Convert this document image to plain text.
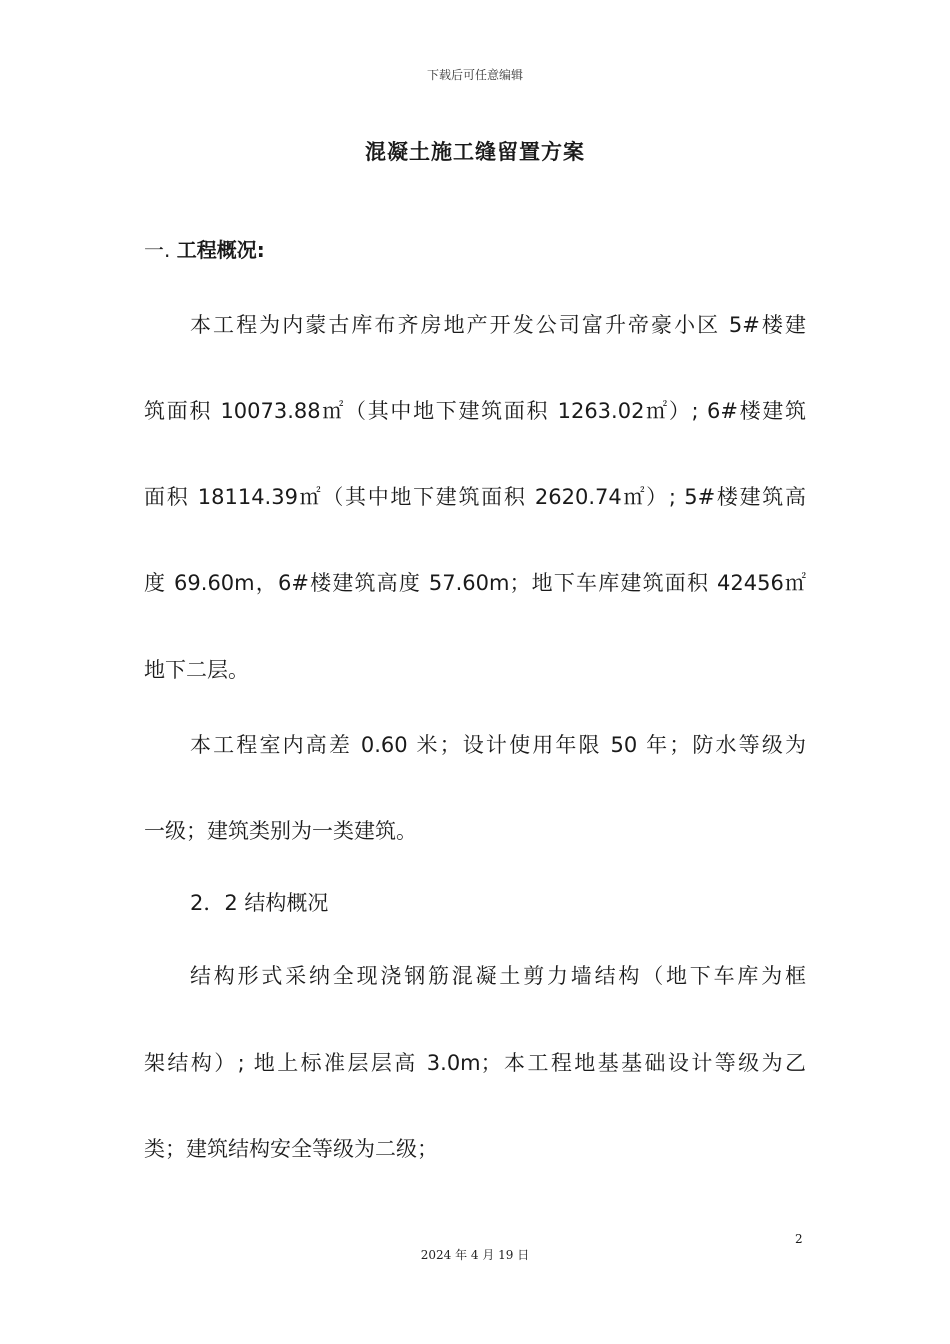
下载后可任意编辑
混凝土施工缝留置方案
一. 工程概况:
本工程为内蒙古库布齐房地产开发公司富升帝豪小区 5#楼建
筑面积 10073.88㎡（其中地下建筑面积 1263.02㎡）; 6#楼建筑
面积 18114.39㎡（其中地下建筑面积 2620.74㎡）; 5#楼建筑高
度 69.60m，6#楼建筑高度 57.60m；地下车库建筑面积 42456㎡
地下二层。
本工程室内高差 0.60 米；设计使用年限 50 年；防水等级为
一级；建筑类别为一类建筑。
2．2 结构概况
结构形式采纳全现浇钢筋混凝土剪力墙结构（地下车库为框
架结构）; 地上标准层层高 3.0m；本工程地基基础设计等级为乙
类；建筑结构安全等级为二级；
2
2024 年 4 月 19 日
